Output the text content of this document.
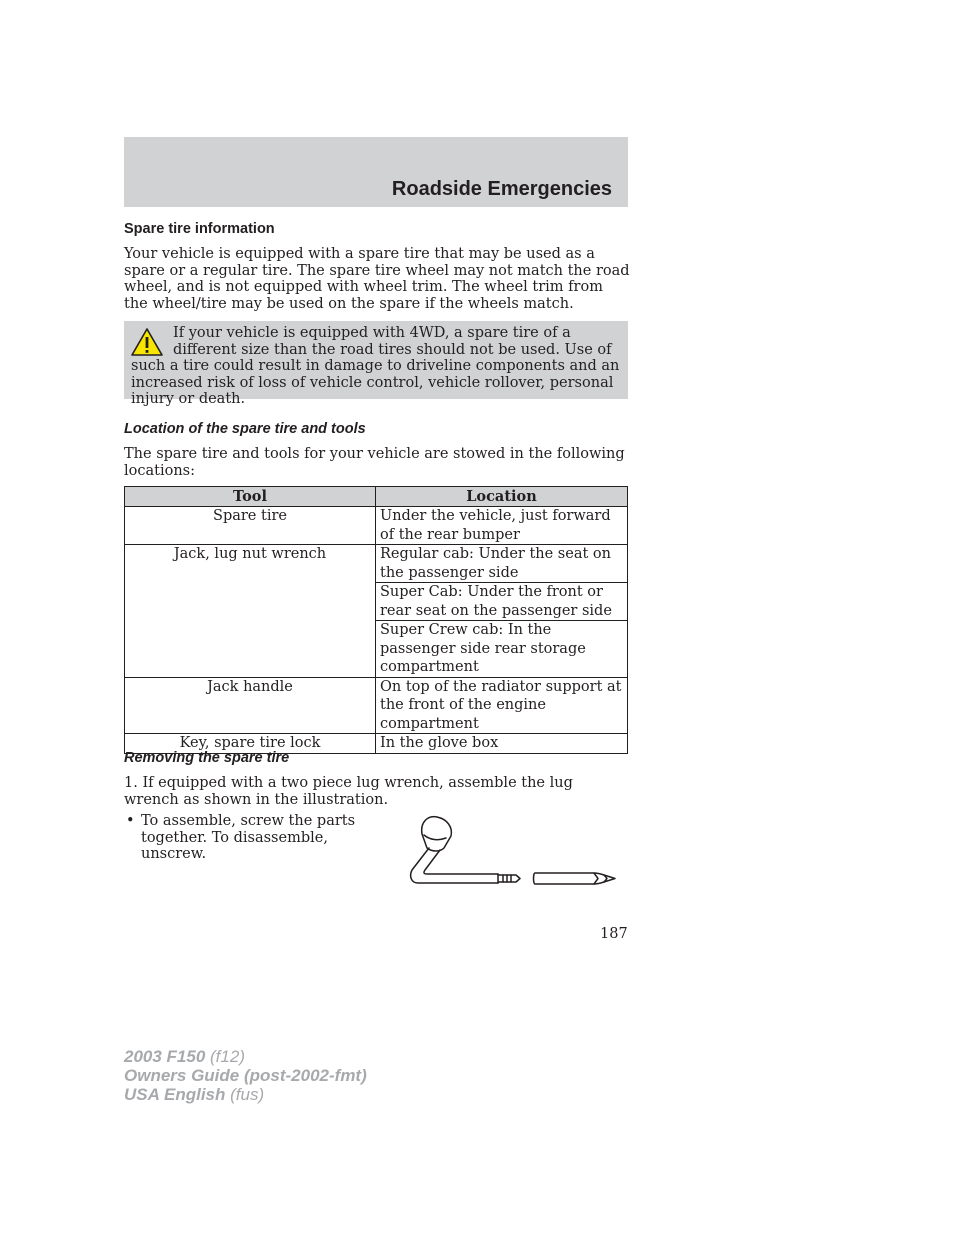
Roadside Emergencies
Spare tire information
Your vehicle is equipped with a spare tire that may be used as a spare or a regular tire. The spare tire wheel may not match the road wheel, and is not equipped with wheel trim. The wheel trim from the wheel/tire may be used on the spare if the wheels match.
If your vehicle is equipped with 4WD, a spare tire of a different size than the road tires should not be used. Use of such a tire could result in damage to driveline components and an increased risk of loss of vehicle control, vehicle rollover, personal injury or death.
Location of the spare tire and tools
The spare tire and tools for your vehicle are stowed in the following locations:
Tool	Location
Spare tire	Under the vehicle, just forward of the rear bumper
Jack, lug nut wrench	Regular cab: Under the seat on the passenger side
	Super Cab: Under the front or rear seat on the passenger side
	Super Crew cab: In the passenger side rear storage compartment
Jack handle	On top of the radiator support at the front of the engine compartment
Key, spare tire lock	In the glove box
Removing the spare tire
1. If equipped with a two piece lug wrench, assemble the lug wrench as shown in the illustration.
• To assemble, screw the parts together. To disassemble, unscrew.
187
2003 F150 (f12)
Owners Guide (post-2002-fmt)
USA English (fus)
